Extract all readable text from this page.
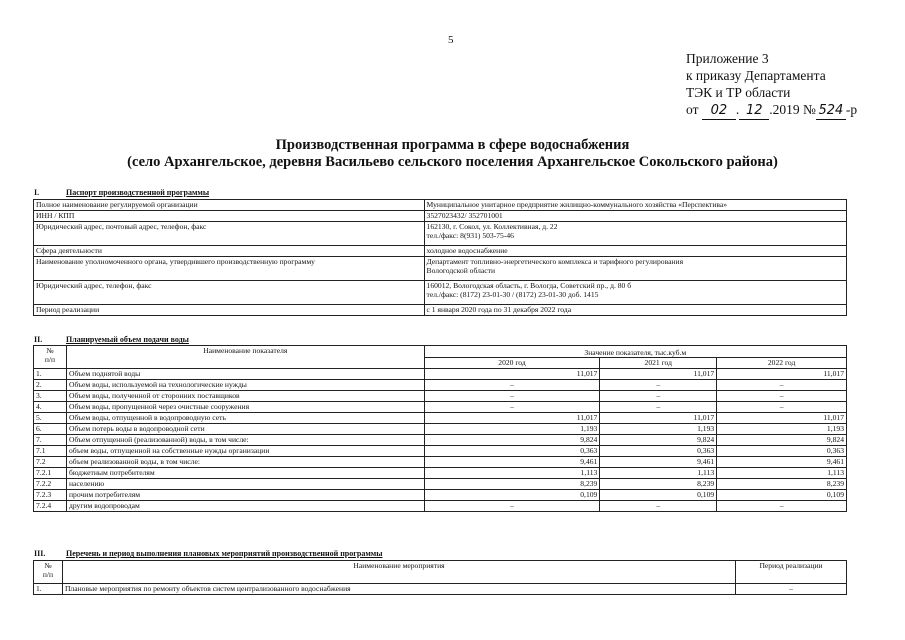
5
Приложение 3
к приказу Департамента
ТЭК и ТР области
от 02 . 12 .2019 № 524 -р
Производственная программа в сфере водоснабжения
(село Архангельское, деревня Васильево сельского поселения Архангельское Сокольского района)
I.	Паспорт производственной программы
Полное наименование регулируемой организации	Муниципальное унитарное предприятие жилищно-коммунального хозяйства «Перспектива»
ИНН / КПП	3527023432/ 352701001
Юридический адрес, почтовый адрес, телефон, факс	162130, г. Сокол, ул. Коллективная, д. 22
тел./факс: 8(931) 503-75-46

Сфера деятельности	холодное водоснабжение
Наименование уполномоченного органа, утвердившего производственную программу	Департамент топливно-энергетического комплекса и тарифного регулирования
Вологодской области

Юридический адрес, телефон, факс	160012, Вологодская область, г. Вологда, Советский пр., д. 80 б
тел./факс: (8172) 23-01-30 / (8172) 23-01-30 доб. 1415

Период реализации	с 1 января 2020 года по 31 декабря 2022 года
II.	Планируемый объем подачи воды
№
п/п	Наименование показателя	Значение показателя, тыс.куб.м		
		2020 год	2021 год	2022 год
1.	Объем поднятой воды	11,017	11,017	11,017
2.	Объем воды, используемой на технологические нужды	–	–	–
3.	Объем воды, полученной от сторонних поставщиков	–	–	–
4.	Объем воды, пропущенной через очистные сооружения	–	–	–
5.	Объем воды, отпущенной в водопроводную сеть	11,017	11,017	11,017
6.	Объем потерь воды в водопроводной сети	1,193	1,193	1,193
7.	Объем отпущенной (реализованной) воды, в том числе:	9,824	9,824	9,824
7.1	объем воды, отпущенной на собственные нужды организации	0,363	0,363	0,363
7.2	объем реализованной воды, в том числе:	9,461	9,461	9,461
7.2.1	бюджетным потребителям	1,113	1,113	1,113
7.2.2	населению	8,239	8,239	8,239
7.2.3	прочим потребителям	0,109	0,109	0,109
7.2.4	другим водопроводам	–	–	–
III.	Перечень и период выполнения плановых мероприятий производственной программы
№
п/п	Наименование мероприятия	Период реализации
1.	Плановые мероприятия по ремонту объектов систем централизованного водоснабжения	–
